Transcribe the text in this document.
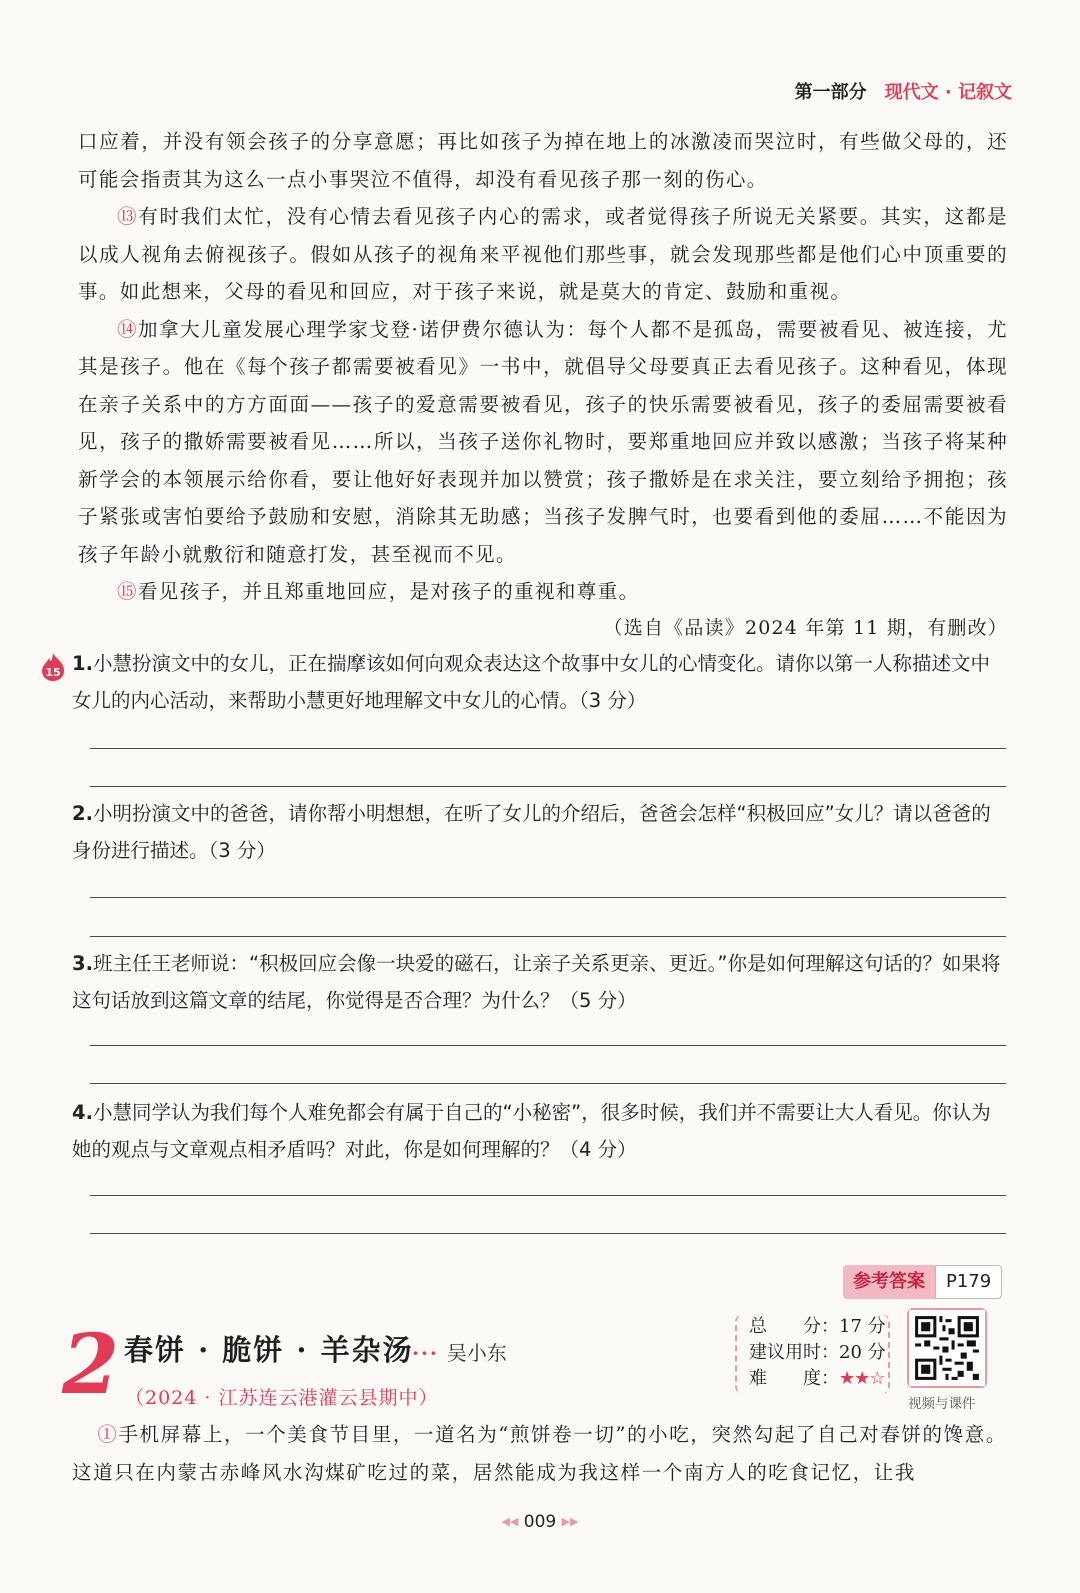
第一部分 现代文 · 记叙文

口应着，并没有领会孩子的分享意愿；再比如孩子为掉在地上的冰激凌而哭泣时，有些做父母的，还可能会指责其为这么一点小事哭泣不值得，却没有看见孩子那一刻的伤心。

⑬有时我们太忙，没有心情去看见孩子内心的需求，或者觉得孩子所说无关紧要。其实，这都是以成人视角去俯视孩子。假如从孩子的视角来平视他们那些事，就会发现那些都是他们心中顶重要的事。如此想来，父母的看见和回应，对于孩子来说，就是莫大的肯定、鼓励和重视。

⑭加拿大儿童发展心理学家戈登·诺伊费尔德认为：每个人都不是孤岛，需要被看见、被连接，尤其是孩子。他在《每个孩子都需要被看见》一书中，就倡导父母要真正去看见孩子。这种看见，体现在亲子关系中的方方面面——孩子的爱意需要被看见，孩子的快乐需要被看见，孩子的委屈需要被看见，孩子的撒娇需要被看见……所以，当孩子送你礼物时，要郑重地回应并致以感激；当孩子将某种新学会的本领展示给你看，要让他好好表现并加以赞赏；孩子撒娇是在求关注，要立刻给予拥抱；孩子紧张或害怕要给予鼓励和安慰，消除其无助感；当孩子发脾气时，也要看到他的委屈……不能因为孩子年龄小就敷衍和随意打发，甚至视而不见。

⑮看见孩子，并且郑重地回应，是对孩子的重视和尊重。

（选自《品读》2024 年第 11 期，有删改）
15 1.小慧扮演文中的女儿，正在揣摩该如何向观众表达这个故事中女儿的心情变化。请你以第一人称描述文中女儿的内心活动，来帮助小慧更好地理解文中女儿的心情。（3 分）
2.小明扮演文中的爸爸，请你帮小明想想，在听了女儿的介绍后，爸爸会怎样“积极回应”女儿？请以爸爸的身份进行描述。（3 分）
3.班主任王老师说：“积极回应会像一块爱的磁石，让亲子关系更亲、更近。”你是如何理解这句话的？如果将这句话放到这篇文章的结尾，你觉得是否合理？为什么？（5 分）
4.小慧同学认为我们每个人难免都会有属于自己的“小秘密”，很多时候，我们并不需要让大人看见。你认为她的观点与文章观点相矛盾吗？对此，你是如何理解的？（4 分）
参考答案	P179
2 春饼 · 脆饼 · 羊杂汤
··· 吴小东
（2024 · 江苏连云港灌云县期中）
总　　分：17 分
建议用时：20 分
难　　度：★★☆
视频与课件

①手机屏幕上，一个美食节目里，一道名为“煎饼卷一切”的小吃，突然勾起了自己对春饼的馋意。这道只在内蒙古赤峰风水沟煤矿吃过的菜，居然能成为我这样一个南方人的吃食记忆，让我

◀◀ 009 ▶▶
